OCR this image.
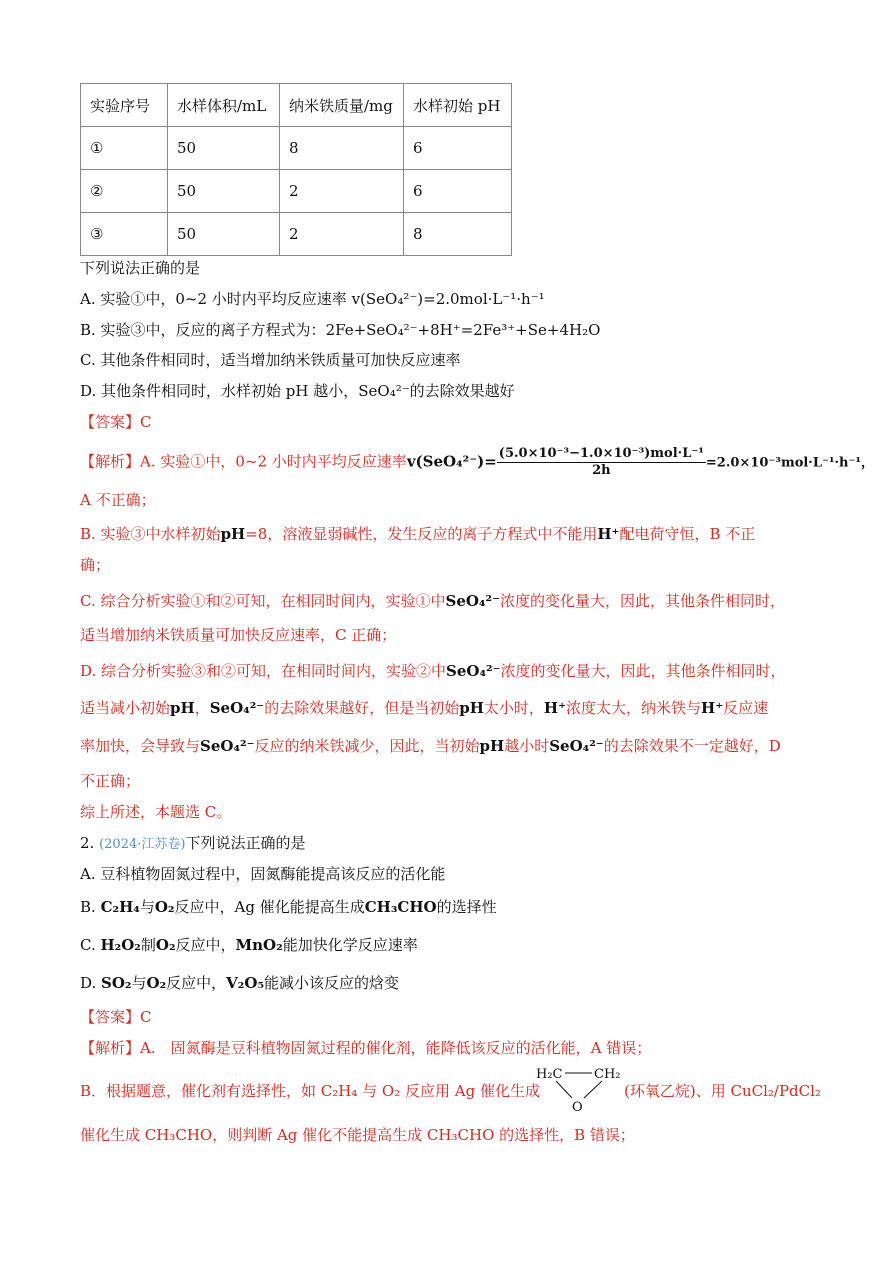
实验序号	水样体积/mL	纳米铁质量/mg	水样初始 pH
①	50	8	6
②	50	2	6
③	50	2	8
下列说法正确的是
A. 实验①中，0~2 小时内平均反应速率 v(SeO₄²⁻)=2.0mol·L⁻¹·h⁻¹
B. 实验③中，反应的离子方程式为：2Fe+SeO₄²⁻+8H⁺=2Fe³⁺+Se+4H₂O
C. 其他条件相同时，适当增加纳米铁质量可加快反应速率
D. 其他条件相同时，水样初始 pH 越小，SeO₄²⁻的去除效果越好
【答案】C
【解析】A. 实验①中，0~2 小时内平均反应速率$v(SeO_4^{2-})= \frac{\text{(5.0×10⁻³−1.0×10⁻³)mol·L⁻¹}}{2h} =2.0\times 10^{-3}mol\cdot L^{-1}\cdot h^{-1}$，
A 不正确；
B. 实验③中水样初始pH=8，溶液显弱碱性，发生反应的离子方程式中不能用H⁺配电荷守恒，B 不正
确；
C. 综合分析实验①和②可知，在相同时间内，实验①中SeO₄²⁻浓度的变化量大，因此，其他条件相同时，
适当增加纳米铁质量可加快反应速率，C 正确；
D. 综合分析实验③和②可知，在相同时间内，实验②中SeO₄²⁻浓度的变化量大，因此，其他条件相同时，
适当减小初始pH，SeO₄²⁻的去除效果越好，但是当初始pH太小时，H⁺浓度太大，纳米铁与H⁺反应速
率加快，会导致与SeO₄²⁻反应的纳米铁减少，因此，当初始pH越小时SeO₄²⁻的去除效果不一定越好，D
不正确；
综上所述，本题选 C。
2. (2024·江苏卷)下列说法正确的是
A. 豆科植物固氮过程中，固氮酶能提高该反应的活化能
B. C₂H₄与O₂反应中，Ag 催化能提高生成CH₃CHO的选择性
C. H₂O₂制O₂反应中，MnO₂能加快化学反应速率
D. SO₂与O₂反应中，V₂O₅能减小该反应的焓变
【答案】C
【解析】A.　固氮酶是豆科植物固氮过程的催化剂，能降低该反应的活化能，A 错误；
B．根据题意，催化剂有选择性，如 C₂H₄ 与 O₂ 反应用 Ag 催化生成
H₂C CH₂
O
(环氧乙烷)、用 CuCl₂/PdCl₂
催化生成 CH₃CHO，则判断 Ag 催化不能提高生成 CH₃CHO 的选择性，B 错误；
